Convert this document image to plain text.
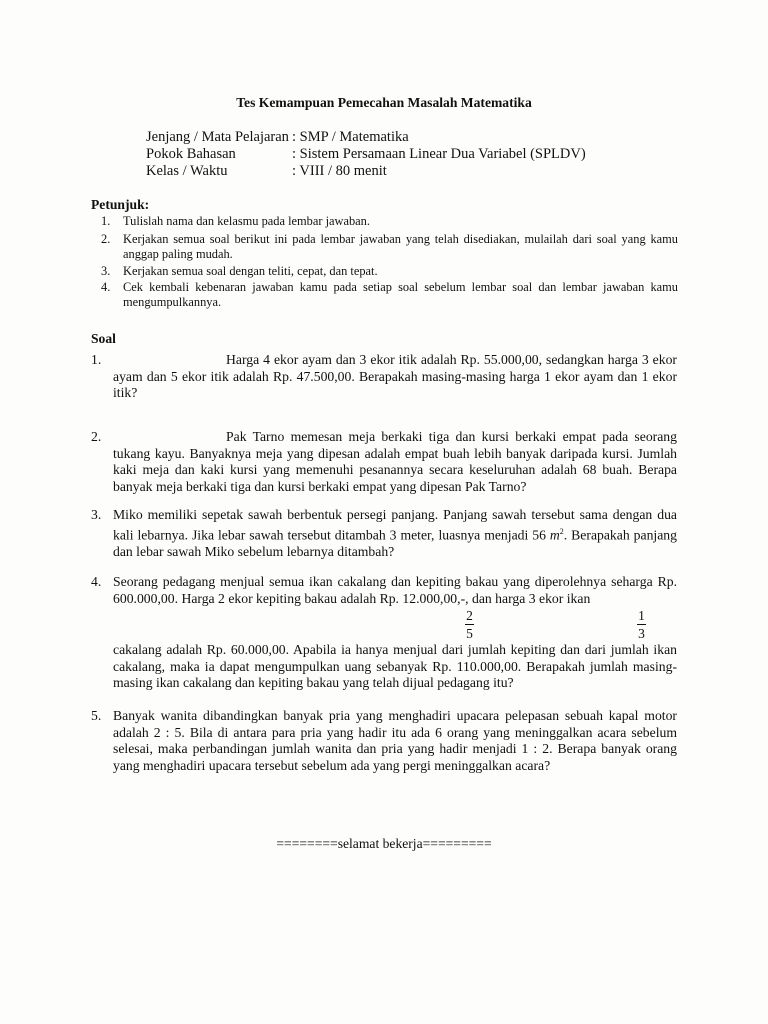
Tes Kemampuan Pemecahan Masalah Matematika
Jenjang / Mata Pelajaran : SMP / Matematika
Pokok Bahasan	: Sistem Persamaan Linear Dua Variabel (SPLDV)
Kelas / Waktu	: VIII / 80 menit
Petunjuk:
1. Tulislah nama dan kelasmu pada lembar jawaban.
2. Kerjakan semua soal berikut ini pada lembar jawaban yang telah disediakan, mulailah dari soal yang kamu anggap paling mudah.
3. Kerjakan semua soal dengan teliti, cepat, dan tepat.
4. Cek kembali kebenaran jawaban kamu pada setiap soal sebelum lembar soal dan lembar jawaban kamu mengumpulkannya.
Soal
1.	Harga 4 ekor ayam dan 3 ekor itik adalah Rp. 55.000,00, sedangkan harga 3 ekor ayam dan 5 ekor itik adalah Rp. 47.500,00. Berapakah masing-masing harga 1 ekor ayam dan 1 ekor itik?
2.	Pak Tarno memesan meja berkaki tiga dan kursi berkaki empat pada seorang tukang kayu. Banyaknya meja yang dipesan adalah empat buah lebih banyak daripada kursi. Jumlah kaki meja dan kaki kursi yang memenuhi pesanannya secara keseluruhan adalah 68 buah. Berapa banyak meja berkaki tiga dan kursi berkaki empat yang dipesan Pak Tarno?
3. Miko memiliki sepetak sawah berbentuk persegi panjang. Panjang sawah tersebut sama dengan dua kali lebarnya. Jika lebar sawah tersebut ditambah 3 meter, luasnya menjadi 56 $m^2$. Berapakah panjang dan lebar sawah Miko sebelum lebarnya ditambah?
4. Seorang pedagang menjual semua ikan cakalang dan kepiting bakau yang diperolehnya seharga Rp. 600.000,00. Harga 2 ekor kepiting bakau adalah Rp. 12.000,00,-, dan harga 3 ekor ikan
2
5
1
3
cakalang adalah Rp. 60.000,00. Apabila ia hanya menjual dari jumlah kepiting dan dari jumlah ikan cakalang, maka ia dapat mengumpulkan uang sebanyak Rp. 110.000,00. Berapakah jumlah masing-masing ikan cakalang dan kepiting bakau yang telah dijual pedagang itu?
5. Banyak wanita dibandingkan banyak pria yang menghadiri upacara pelepasan sebuah kapal motor adalah 2 : 5. Bila di antara para pria yang hadir itu ada 6 orang yang meninggalkan acara sebelum selesai, maka perbandingan jumlah wanita dan pria yang hadir menjadi 1 : 2. Berapa banyak orang yang menghadiri upacara tersebut sebelum ada yang pergi meninggalkan acara?
========selamat bekerja=========
